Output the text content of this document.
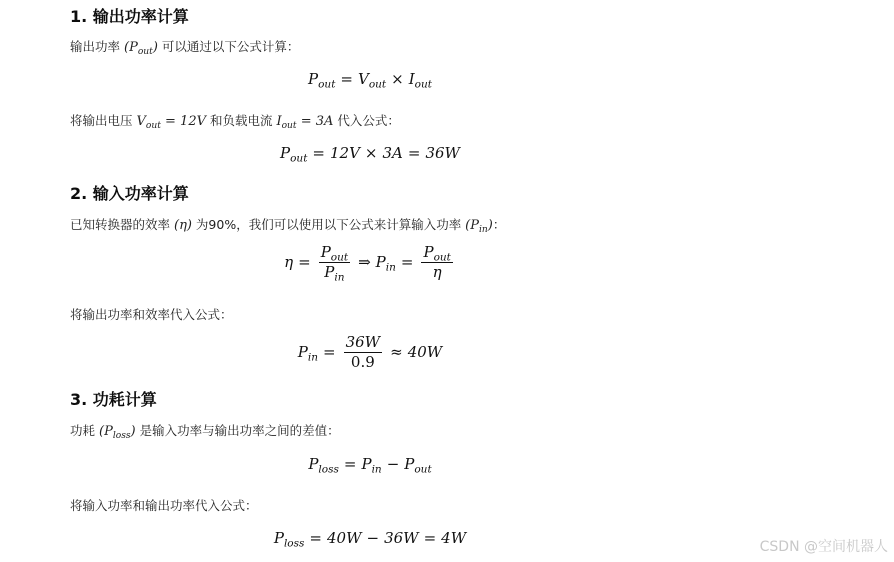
1. 输出功率计算
输出功率 $(P_{out})$ 可以通过以下公式计算：
$P_{out} = V_{out} \times I_{out}$
将输出电压 $V_{out} = 12V$ 和负载电流 $I_{out} = 3A$ 代入公式：
$P_{out} = 12V \times 3A = 36W$
2. 输入功率计算
已知转换器的效率 (η) 为90%，我们可以使用以下公式来计算输入功率 $(P_{in})$：
$\eta = \frac{P_{out}}{P_{in}}$ ⇒ $P_{in} = \frac{P_{out}}{\eta}$
将输出功率和效率代入公式：
$P_{in} = \frac{36W}{0.9} \approx 40W$
3. 功耗计算
功耗 $(P_{loss})$ 是输入功率与输出功率之间的差值：
$P_{loss} = P_{in} - P_{out}$
将输入功率和输出功率代入公式：
$P_{loss} = 40W - 36W = 4W$	CSDN @空间机器人
